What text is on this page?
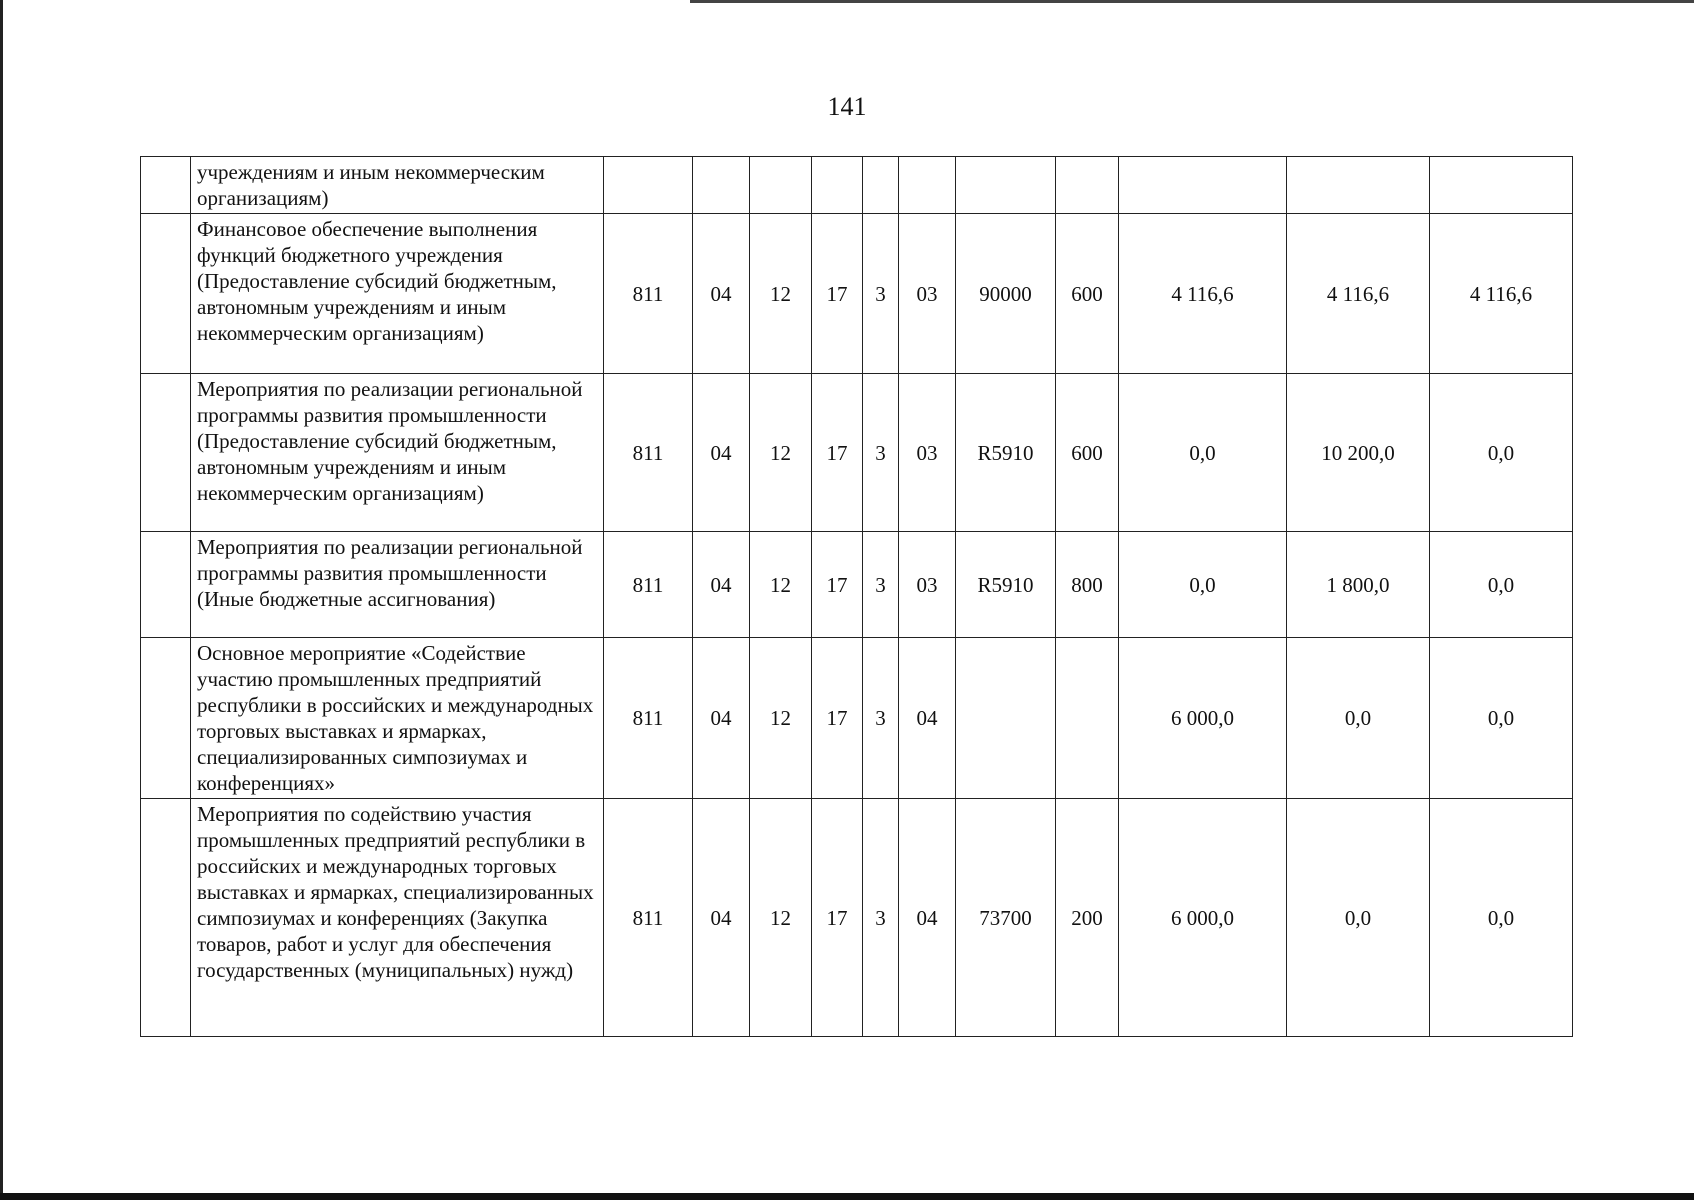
141
	учреждениям и иным некоммерческим организациям)											
	Финансовое обеспечение выполнения функций бюджетного учреждения (Предоставление субсидий бюджетным, автономным учреждениям и иным некоммерческим организациям)	811	04	12	17	3	03	90000	600	4 116,6	4 116,6	4 116,6
	Мероприятия по реализации региональной программы развития промышленности (Предоставление субсидий бюджетным, автономным учреждениям и иным некоммерческим организациям)	811	04	12	17	3	03	R5910	600	0,0	10 200,0	0,0
	Мероприятия по реализации региональной программы развития промышленности (Иные бюджетные ассигнования)	811	04	12	17	3	03	R5910	800	0,0	1 800,0	0,0
	Основное мероприятие «Содействие участию промышленных предприятий республики в российских и международных торговых выставках и ярмарках, специализированных симпозиумах и конференциях»	811	04	12	17	3	04			6 000,0	0,0	0,0
	Мероприятия по содействию участия промышленных предприятий республики в российских и международных торговых выставках и ярмарках, специализированных симпозиумах и конференциях (Закупка товаров, работ и услуг для обеспечения государственных (муниципальных) нужд)	811	04	12	17	3	04	73700	200	6 000,0	0,0	0,0
